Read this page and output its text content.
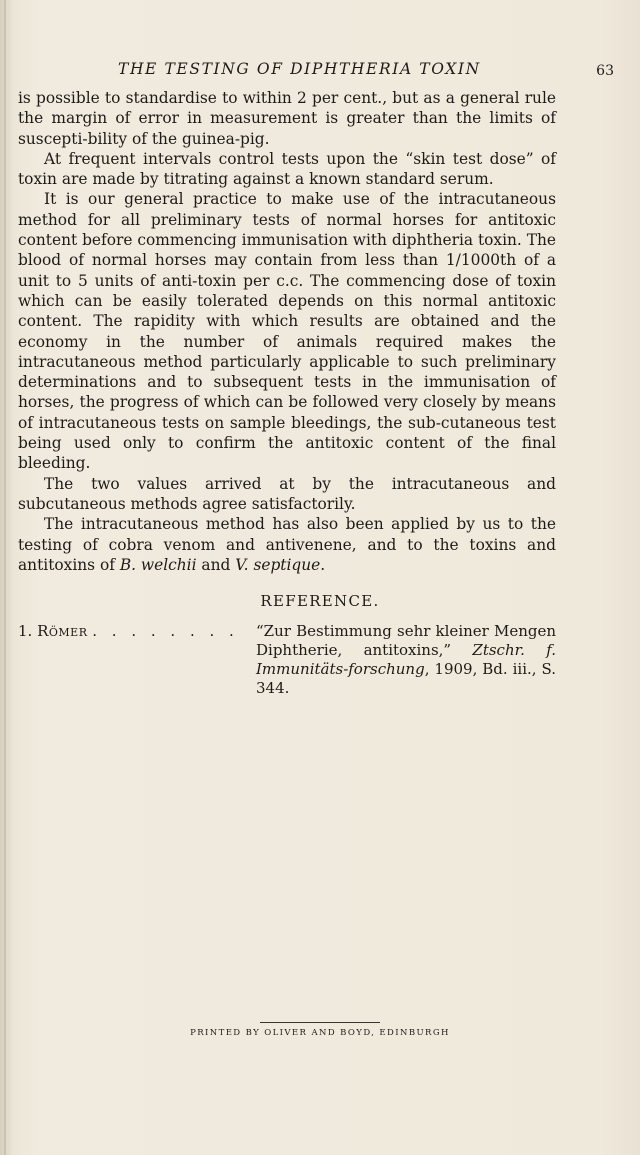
THE TESTING OF DIPHTHERIA TOXIN	63

is possible to standardise to within 2 per cent., but as a general rule the margin of error in measurement is greater than the limits of suscepti-bility of the guinea-pig.

At frequent intervals control tests upon the “skin test dose” of toxin are made by titrating against a known standard serum.

It is our general practice to make use of the intracutaneous method for all preliminary tests of normal horses for antitoxic content before commencing immunisation with diphtheria toxin. The blood of normal horses may contain from less than 1/1000th of a unit to 5 units of anti-toxin per c.c. The commencing dose of toxin which can be easily tolerated depends on this normal antitoxic content. The rapidity with which results are obtained and the economy in the number of animals required makes the intracutaneous method particularly applicable to such preliminary determinations and to subsequent tests in the immunisation of horses, the progress of which can be followed very closely by means of intracutaneous tests on sample bleedings, the sub-cutaneous test being used only to confirm the antitoxic content of the final bleeding.

The two values arrived at by the intracutaneous and subcutaneous methods agree satisfactorily.

The intracutaneous method has also been applied by us to the testing of cobra venom and antivenene, and to the toxins and antitoxins of B. welchii and V. septique.

REFERENCE.
1. Römer . . . . . . . .	“Zur Bestimmung sehr kleiner Mengen Diphtherie, antitoxins,” Ztschr. f. Immunitäts-forschung, 1909, Bd. iii., S. 344.
PRINTED BY OLIVER AND BOYD, EDINBURGH
